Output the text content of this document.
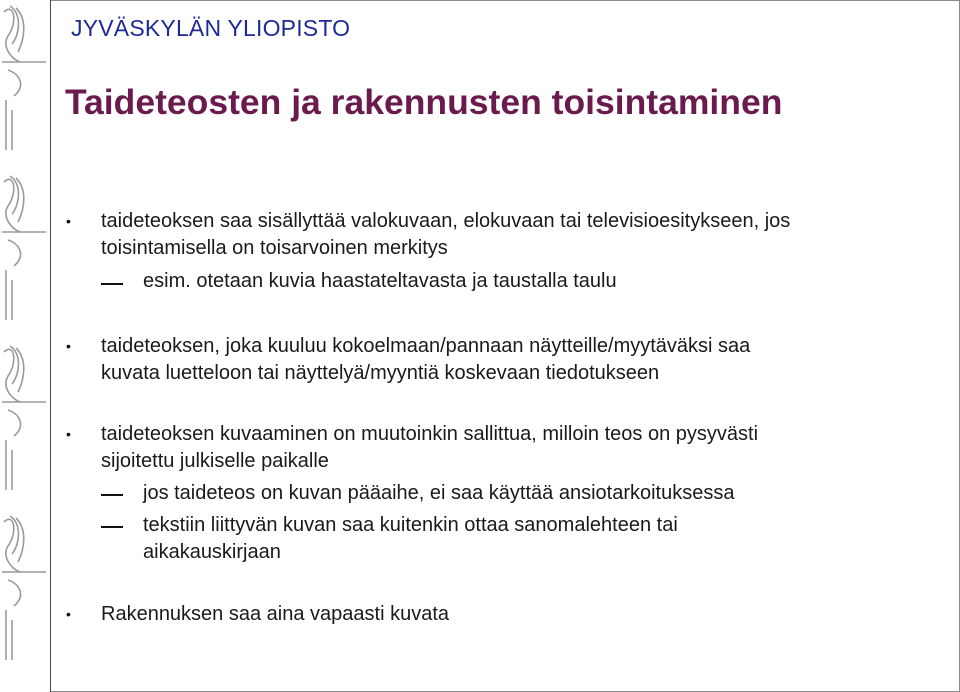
JYVÄSKYLÄN YLIOPISTO
Taideteosten ja rakennusten toisintaminen
• taideteoksen saa sisällyttää valokuvaan, elokuvaan tai televisioesitykseen, jos
toisintamisella on toisarvoinen merkitys
esim. otetaan kuvia haastateltavasta ja taustalla taulu
• taideteoksen, joka kuuluu kokoelmaan/pannaan näytteille/myytäväksi saa
kuvata luetteloon tai näyttelyä/myyntiä koskevaan tiedotukseen
• taideteoksen kuvaaminen on muutoinkin sallittua, milloin teos on pysyvästi
sijoitettu julkiselle paikalle
jos taideteos on kuvan pääaihe, ei saa käyttää ansiotarkoituksessa
tekstiin liittyvän kuvan saa kuitenkin ottaa sanomalehteen tai
aikakauskirjaan
• Rakennuksen saa aina vapaasti kuvata
